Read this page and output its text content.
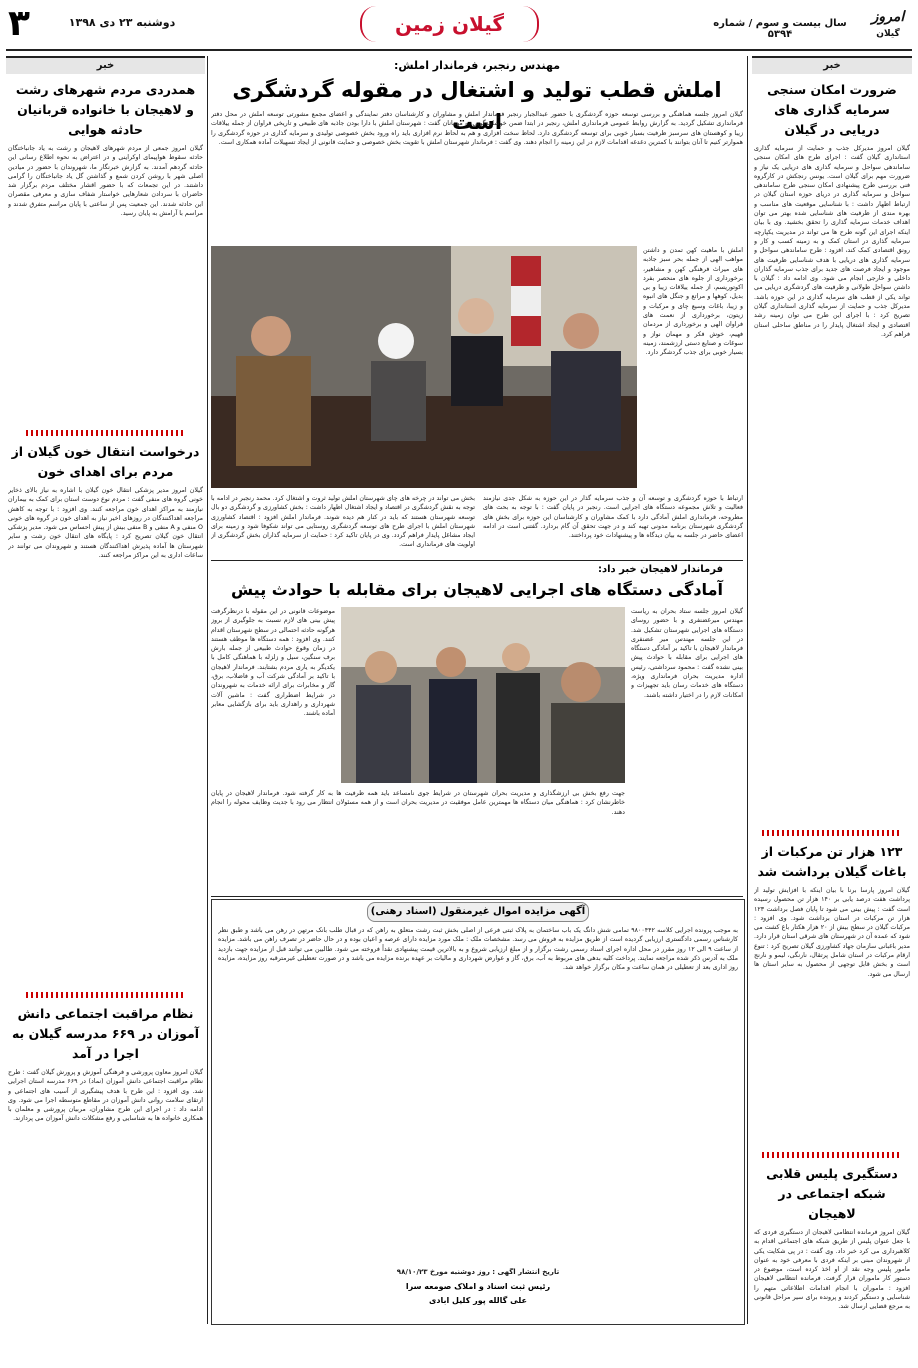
۳	دوشنبه ۲۳ دی ۱۳۹۸	گیلان زمین	سال بیست و سوم / شماره ۵۳۹۴
امروز
گیلان
خبر
ضرورت امکان سنجی سرمایه گذاری های دریایی در گیلان
گیلان امروز مدیرکل جذب و حمایت از سرمایه گذاری استانداری گیلان گفت : اجرای طرح های امکان سنجی ساماندهی سواحل و سرمایه گذاری های دریایی یک نیاز و ضرورت مهم برای گیلان است. یونس رنجکش در کارگروه فنی بررسی طرح پیشنهادی امکان سنجی طرح ساماندهی سواحل و سرمایه گذاری در دریای حوزه استان گیلان در ارتباط اظهار داشت : با شناسایی موقعیت های مناسب و بهره مندی از ظرفیت های شناسایی شده بهتر می توان اهداف خدمات سرمایه گذاری را تحقق بخشید. وی با بیان اینکه اجرای این گونه طرح ها می تواند در مدیریت یکپارچه سرمایه گذاری در استان کمک و به زمینه کسب و کار و رونق اقتصادی کمک کند، افزود : طرح ساماندهی سواحل و سرمایه گذاری های دریایی با هدف شناسایی ظرفیت های موجود و ایجاد فرصت های جدید برای جذب سرمایه گذاران داخلی و خارجی انجام می شود. وی ادامه داد : گیلان با داشتن سواحل طولانی و ظرفیت های گردشگری دریایی می تواند یکی از قطب های سرمایه گذاری در این حوزه باشد. مدیرکل جذب و حمایت از سرمایه گذاری استانداری گیلان تصریح کرد : با اجرای این طرح می توان زمینه رشد اقتصادی و ایجاد اشتغال پایدار را در مناطق ساحلی استان فراهم کرد.
۱۲۳ هزار تن مرکبات از باغات گیلان برداشت شد
گیلان امروز پارسا برنا با بیان اینکه با افزایش تولید از پرداشت هفت درصد یابی بر ۱۴۰ هزار تن محصول رسیده است گفت : پیش بینی می شود تا پایان فصل برداشت ۱۲۳ هزار تن مرکبات در استان برداشت شود. وی افزود : مرکبات گیلان در سطح بیش از ۲۰ هزار هکتار باغ کشت می شود که عمده آن در شهرستان های شرقی استان قرار دارد. مدیر باغبانی سازمان جهاد کشاورزی گیلان تصریح کرد : تنوع ارقام مرکبات در استان شامل پرتقال، نارنگی، لیمو و نارنج است و بخش قابل توجهی از محصول به سایر استان ها ارسال می شود.
دستگیری پلیس قلابی شبکه اجتماعی در لاهیجان
گیلان امروز فرمانده انتظامی لاهیجان از دستگیری فردی که با جعل عنوان پلیس از طریق شبکه های اجتماعی اقدام به کلاهبرداری می کرد خبر داد. وی گفت : در پی شکایت یکی از شهروندان مبنی بر اینکه فردی با معرفی خود به عنوان مامور پلیس وجه نقد از او اخذ کرده است، موضوع در دستور کار ماموران قرار گرفت. فرمانده انتظامی لاهیجان افزود : ماموران با انجام اقدامات اطلاعاتی متهم را شناسایی و دستگیر کردند و پرونده برای سیر مراحل قانونی به مرجع قضایی ارسال شد.
خبر
همدردی مردم شهرهای رشت و لاهیجان با خانواده قربانیان حادثه هوایی
گیلان امروز جمعی از مردم شهرهای لاهیجان و رشت به یاد جانباختگان حادثه سقوط هواپیمای اوکراینی و در اعتراض به نحوه اطلاع رسانی این حادثه گردهم آمدند. به گزارش خبرنگار ما، شهروندان با حضور در میادین اصلی شهر با روشن کردن شمع و گذاشتن گل یاد جانباختگان را گرامی داشتند. در این تجمعات که با حضور اقشار مختلف مردم برگزار شد حاضران با سردادن شعارهایی خواستار شفاف سازی و معرفی مقصران این حادثه شدند. این جمعیت پس از ساعتی با پایان مراسم متفرق شدند و مراسم با آرامش به پایان رسید.
درخواست انتقال خون گیلان از مردم برای اهدای خون
گیلان امروز مدیر پزشکی انتقال خون گیلان با اشاره به نیاز بالای ذخایر خونی گروه های منفی گفت : مردم نوع دوست استان برای کمک به بیماران نیازمند به مراکز اهدای خون مراجعه کنند. وی افزود : با توجه به کاهش مراجعه اهداکنندگان در روزهای اخیر نیاز به اهدای خون در گروه های خونی O منفی و A منفی و B منفی بیش از پیش احساس می شود. مدیر پزشکی انتقال خون گیلان تصریح کرد : پایگاه های انتقال خون رشت و سایر شهرستان ها آماده پذیرش اهداکنندگان هستند و شهروندان می توانند در ساعات اداری به این مراکز مراجعه کنند.
نظام مراقبت اجتماعی دانش آموزان در ۶۶۹ مدرسه گیلان به اجرا در آمد
گیلان امروز معاون پرورشی و فرهنگی آموزش و پرورش گیلان گفت : طرح نظام مراقبت اجتماعی دانش آموزان (نماد) در ۶۶۹ مدرسه استان اجرایی شد. وی افزود : این طرح با هدف پیشگیری از آسیب های اجتماعی و ارتقای سلامت روانی دانش آموزان در مقاطع متوسطه اجرا می شود. وی ادامه داد : در اجرای این طرح مشاوران، مربیان پرورشی و معلمان با همکاری خانواده ها به شناسایی و رفع مشکلات دانش آموزان می پردازند.
مهندس رنجبر، فرماندار املش:
املش قطب تولید و اشتغال در مقوله گردشگری است
گیلان امروز جلسه هماهنگی و بررسی توسعه حوزه گردشگری با حضور عبدالجبار رنجبر فرماندار املش و مشاوران و کارشناسان دفتر نمایندگی و اعضای مجمع مشورتی توسعه املش در محل دفتر فرمانداری تشکیل گردید. به گزارش روابط عمومی فرمانداری املش، رنجبر در ابتدا ضمن خوشامدگویی به مهمانان گفت : شهرستان املش با دارا بودن جاذبه های طبیعی و تاریخی فراوان از جمله ییلاقات زیبا و کوهستان های سرسبز ظرفیت بسیار خوبی برای توسعه گردشگری دارد. لحاظ سخت افزاری و هم به لحاظ نرم افزاری باید راه ورود بخش خصوصی تولیدی و سرمایه گذاری در حوزه گردشگری را هموارتر کنیم تا آنان بتوانند با کمترین دغدغه اقدامات لازم در این زمینه را انجام دهند. وی گفت : فرماندار شهرستان املش با تقویت بخش خصوصی و حمایت قانونی از ایجاد تسهیلات آماده همکاری است.
املش با ماهیت کهن تمدن و داشتن مواهب الهی از جمله بحر سبز جاذبه های میراث فرهنگی کهن و مشاهیر، برخورداری از جلوه های منحصر بفرد اکوتوریسم، از جمله ییلاقات زیبا و بی بدیل، کوهها و مراتع و جنگل های انبوه و زیبا، باغات وسیع چای و مرکبات و زیتون، برخورداری از نعمت های فراوان الهی و برخورداری از مردمان فهیم، خوش فکر و مهمان نواز و سوغات و صنایع دستی ارزشمند، زمینه بسیار خوبی برای جذب گردشگر دارد.
ارتباط با حوزه گردشگری و توسعه آن و جذب سرمایه گذار در این حوزه به شکل جدی نیازمند فعالیت و تلاش مجموعه دستگاه های اجرایی است. رنجبر در پایان گفت : با توجه به بحث های مطروحه، فرمانداری املش آمادگی دارد با کمک مشاوران و کارشناسان این حوزه برای بخش های گردشگری شهرستان برنامه مدونی تهیه کند و در جهت تحقق آن گام بردارد. گفتنی است در ادامه اعضای حاضر در جلسه به بیان دیدگاه ها و پیشنهادات خود پرداختند.
بخش می تواند در چرخه های چای شهرستان املش تولید ثروت و اشتغال کرد. محمد رنجبر در ادامه با توجه به نقش گردشگری در اقتصاد و ایجاد اشتغال اظهار داشت : بخش کشاورزی و گردشگری دو بال توسعه شهرستان هستند که باید در کنار هم دیده شوند. فرماندار املش افزود : اقتصاد کشاورزی شهرستان املش با اجرای طرح های توسعه گردشگری روستایی می تواند شکوفا شود و زمینه برای ایجاد مشاغل پایدار فراهم گردد. وی در پایان تاکید کرد : حمایت از سرمایه گذاران بخش گردشگری از اولویت های فرمانداری است.
فرماندار لاهیجان خبر داد:
آمادگی دستگاه های اجرایی لاهیجان برای مقابله با حوادث پیش
گیلان امروز جلسه ستاد بحران به ریاست مهندس میرغضنفری و با حضور روسای دستگاه های اجرایی شهرستان تشکیل شد. در این جلسه مهندس میر غضنفری فرماندار لاهیجان با تاکید بر آمادگی دستگاه های اجرایی برای مقابله با حوادث پیش بینی نشده گفت : محمود سرداشتی، رئیس اداره مدیریت بحران فرمانداری ویژه، دستگاه های خدمات رسان باید تجهیزات و امکانات لازم را در اختیار داشته باشند.
موضوعات قانونی در این مقوله با درنظرگرفت پیش بینی های لازم نسبت به جلوگیری از بروز هرگونه حادثه احتمالی در سطح شهرستان اقدام کنند. وی افزود : همه دستگاه ها موظف هستند در زمان وقوع حوادث طبیعی از جمله بارش برف سنگین، سیل و زلزله با هماهنگی کامل با یکدیگر به یاری مردم بشتابند. فرماندار لاهیجان با تاکید بر آمادگی شرکت آب و فاضلاب، برق، گاز و مخابرات برای ارائه خدمات به شهروندان در شرایط اضطراری گفت : ماشین آلات شهرداری و راهداری باید برای بازگشایی معابر آماده باشند.
جهت رفع بخش بی ارزشگذاری و مدیریت بحران شهرستان در شرایط جوی نامساعد باید همه ظرفیت ها به کار گرفته شود. فرماندار لاهیجان در پایان خاطرنشان کرد : هماهنگی میان دستگاه ها مهمترین عامل موفقیت در مدیریت بحران است و از همه مسئولان انتظار می رود با جدیت وظایف محوله را انجام دهند.
آگهی مزایده اموال غیرمنقول (اسناد رهنی)
به موجب پرونده اجرایی کلاسه ۹۸۰۰۴۴۲ تمامی شش دانگ یک باب ساختمان به پلاک ثبتی فرعی از اصلی بخش ثبت رشت متعلق به راهن که در قبال طلب بانک مرتهن در رهن می باشد و طبق نظر کارشناس رسمی دادگستری ارزیابی گردیده است از طریق مزایده به فروش می رسد. مشخصات ملک : ملک مورد مزایده دارای عرصه و اعیان بوده و در حال حاضر در تصرف راهن می باشد. مزایده از ساعت ۹ الی ۱۲ روز مقرر در محل اداره اجرای اسناد رسمی رشت برگزار و از مبلغ ارزیابی شروع و به بالاترین قیمت پیشنهادی نقداً فروخته می شود. طالبین می توانند قبل از مزایده جهت بازدید ملک به آدرس ذکر شده مراجعه نمایند. پرداخت کلیه بدهی های مربوط به آب، برق، گاز و عوارض شهرداری و مالیات بر عهده برنده مزایده می باشد و در صورت تعطیلی غیرمترقبه روز مزایده، مزایده روز اداری بعد از تعطیلی در همان ساعت و مکان برگزار خواهد شد.
تاریخ انتشار آگهی : روز دوشنبه مورخ ۹۸/۱۰/۲۳
رئیس ثبت اسناد و املاک صومعه سرا
علی گالله پور کلیل ابادی
